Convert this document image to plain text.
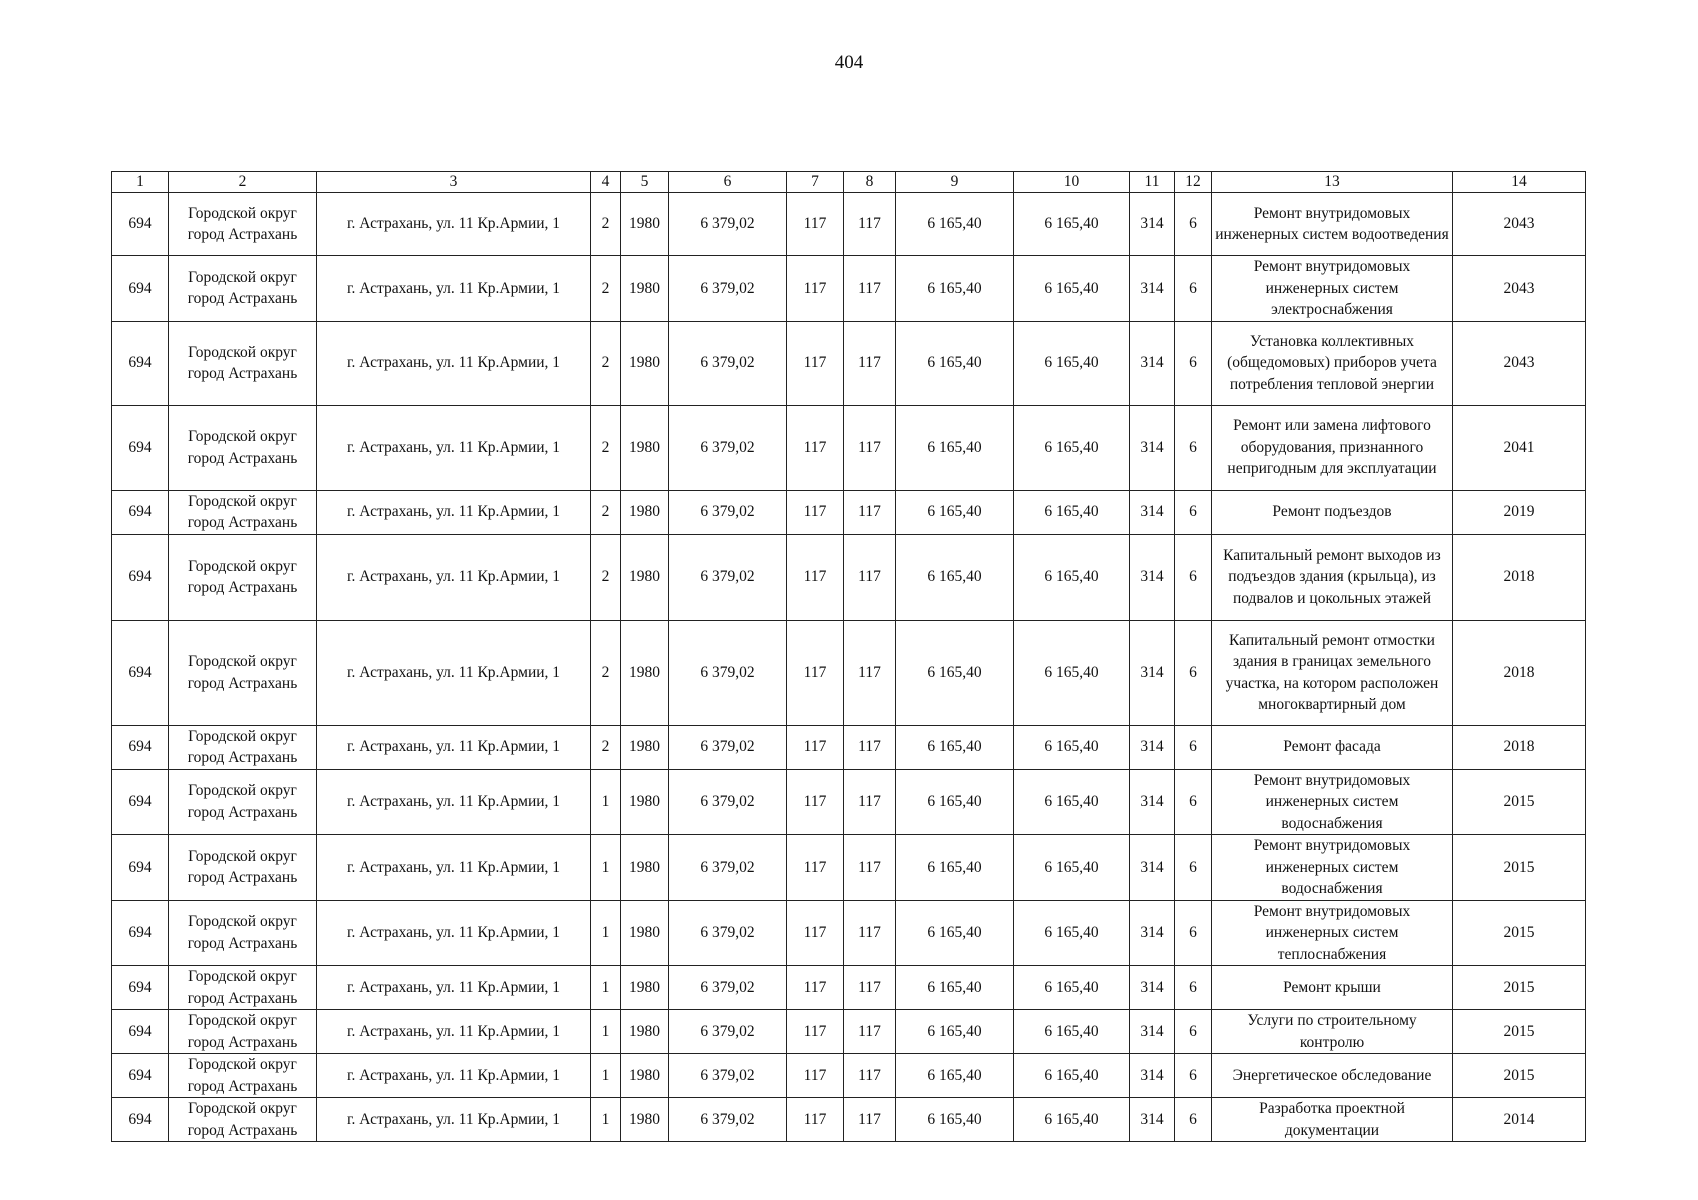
404
1	2	3	4	5	6	7	8	9	10	11	12	13	14
694	Городской округ город Астрахань	г. Астрахань, ул. 11 Кр.Армии, 1	2	1980	6 379,02	117	117	6 165,40	6 165,40	314	6	Ремонт внутридомовых инженерных систем водоотведения	2043
694	Городской округ город Астрахань	г. Астрахань, ул. 11 Кр.Армии, 1	2	1980	6 379,02	117	117	6 165,40	6 165,40	314	6	Ремонт внутридомовых инженерных систем электроснабжения	2043
694	Городской округ город Астрахань	г. Астрахань, ул. 11 Кр.Армии, 1	2	1980	6 379,02	117	117	6 165,40	6 165,40	314	6	Установка коллективных (общедомовых) приборов учета потребления тепловой энергии	2043
694	Городской округ город Астрахань	г. Астрахань, ул. 11 Кр.Армии, 1	2	1980	6 379,02	117	117	6 165,40	6 165,40	314	6	Ремонт или замена лифтового оборудования, признанного непригодным для эксплуатации	2041
694	Городской округ город Астрахань	г. Астрахань, ул. 11 Кр.Армии, 1	2	1980	6 379,02	117	117	6 165,40	6 165,40	314	6	Ремонт подъездов	2019
694	Городской округ город Астрахань	г. Астрахань, ул. 11 Кр.Армии, 1	2	1980	6 379,02	117	117	6 165,40	6 165,40	314	6	Капитальный ремонт выходов из подъездов здания (крыльца), из подвалов и цокольных этажей	2018
694	Городской округ город Астрахань	г. Астрахань, ул. 11 Кр.Армии, 1	2	1980	6 379,02	117	117	6 165,40	6 165,40	314	6	Капитальный ремонт отмостки здания в границах земельного участка, на котором расположен многоквартирный дом	2018
694	Городской округ город Астрахань	г. Астрахань, ул. 11 Кр.Армии, 1	2	1980	6 379,02	117	117	6 165,40	6 165,40	314	6	Ремонт фасада	2018
694	Городской округ город Астрахань	г. Астрахань, ул. 11 Кр.Армии, 1	1	1980	6 379,02	117	117	6 165,40	6 165,40	314	6	Ремонт внутридомовых инженерных систем водоснабжения	2015
694	Городской округ город Астрахань	г. Астрахань, ул. 11 Кр.Армии, 1	1	1980	6 379,02	117	117	6 165,40	6 165,40	314	6	Ремонт внутридомовых инженерных систем водоснабжения	2015
694	Городской округ город Астрахань	г. Астрахань, ул. 11 Кр.Армии, 1	1	1980	6 379,02	117	117	6 165,40	6 165,40	314	6	Ремонт внутридомовых инженерных систем теплоснабжения	2015
694	Городской округ город Астрахань	г. Астрахань, ул. 11 Кр.Армии, 1	1	1980	6 379,02	117	117	6 165,40	6 165,40	314	6	Ремонт крыши	2015
694	Городской округ город Астрахань	г. Астрахань, ул. 11 Кр.Армии, 1	1	1980	6 379,02	117	117	6 165,40	6 165,40	314	6	Услуги по строительному контролю	2015
694	Городской округ город Астрахань	г. Астрахань, ул. 11 Кр.Армии, 1	1	1980	6 379,02	117	117	6 165,40	6 165,40	314	6	Энергетическое обследование	2015
694	Городской округ город Астрахань	г. Астрахань, ул. 11 Кр.Армии, 1	1	1980	6 379,02	117	117	6 165,40	6 165,40	314	6	Разработка проектной документации	2014
